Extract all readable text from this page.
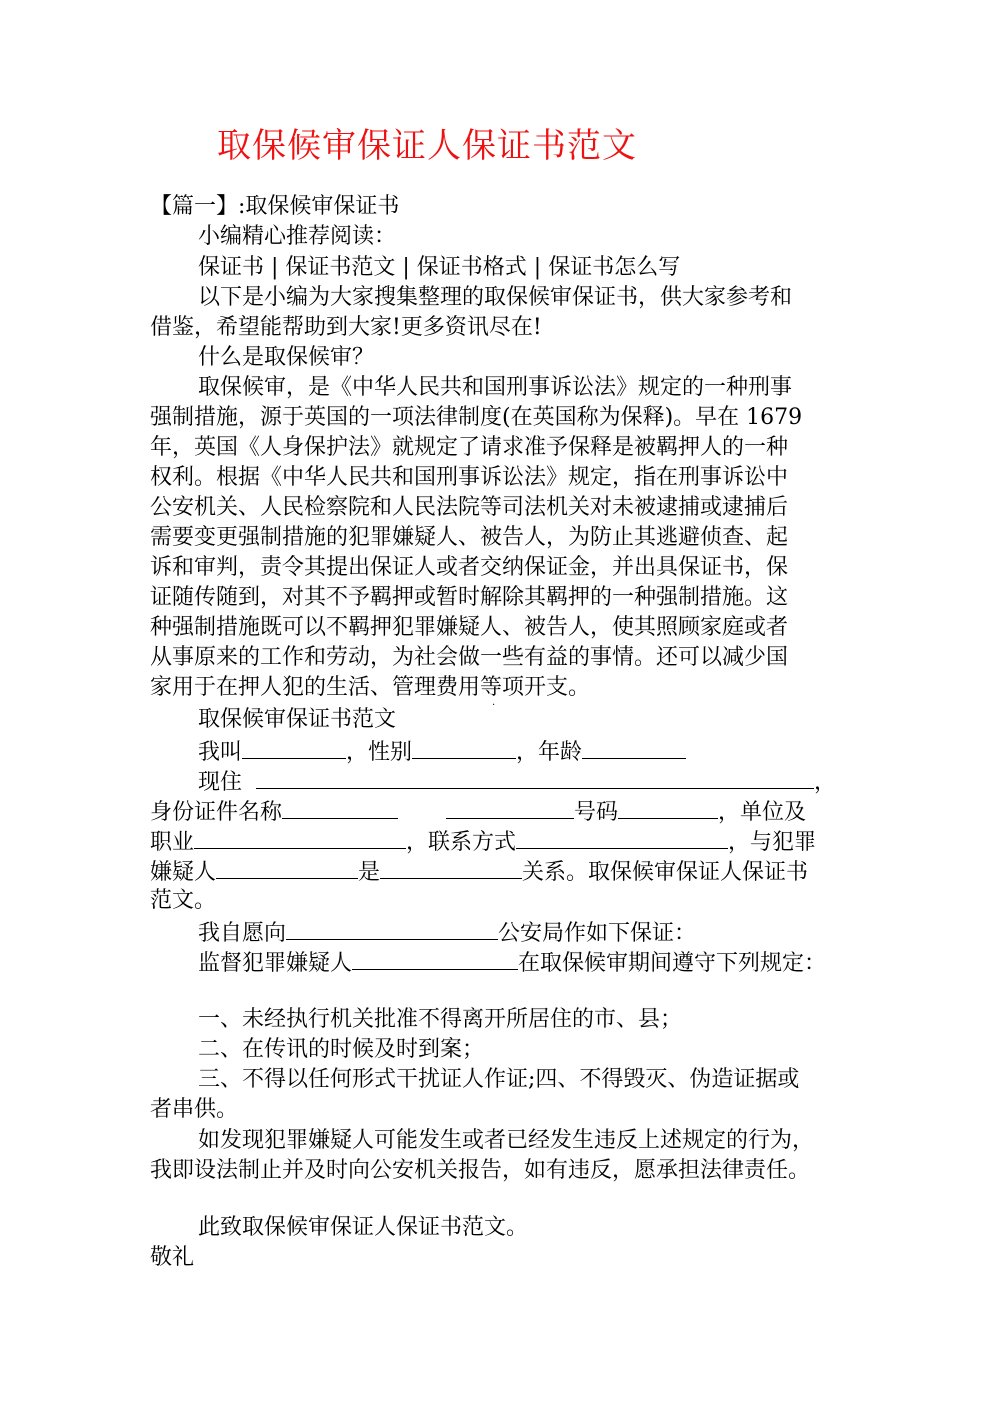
取保候审保证人保证书范文
【篇一】:取保候审保证书
小编精心推荐阅读：
保证书 | 保证书范文 | 保证书格式 | 保证书怎么写
以下是小编为大家搜集整理的取保候审保证书，供大家参考和
借鉴，希望能帮助到大家!更多资讯尽在!
什么是取保候审？
取保候审，是《中华人民共和国刑事诉讼法》规定的一种刑事
强制措施，源于英国的一项法律制度(在英国称为保释)。早在 1679
年，英国《人身保护法》就规定了请求准予保释是被羁押人的一种
权利。根据《中华人民共和国刑事诉讼法》规定，指在刑事诉讼中
公安机关、人民检察院和人民法院等司法机关对未被逮捕或逮捕后
需要变更强制措施的犯罪嫌疑人、被告人，为防止其逃避侦查、起
诉和审判，责令其提出保证人或者交纳保证金，并出具保证书，保
证随传随到，对其不予羁押或暂时解除其羁押的一种强制措施。这
种强制措施既可以不羁押犯罪嫌疑人、被告人，使其照顾家庭或者
从事原来的工作和劳动，为社会做一些有益的事情。还可以减少国
家用于在押人犯的生活、管理费用等项开支。
.
取保候审保证书范文
我叫	，性别	，年龄
现住	，
身份证件名称	号码	，单位及
职业	，联系方式	，与犯罪
嫌疑人	是	关系。取保候审保证人保证书
范文。
我自愿向	公安局作如下保证：
监督犯罪嫌疑人	在取保候审期间遵守下列规定：
一、未经执行机关批准不得离开所居住的市、县；
二、在传讯的时候及时到案；
三、不得以任何形式干扰证人作证;四、不得毁灭、伪造证据或
者串供。
如发现犯罪嫌疑人可能发生或者已经发生违反上述规定的行为，
我即设法制止并及时向公安机关报告，如有违反，愿承担法律责任。
此致取保候审保证人保证书范文。
敬礼
